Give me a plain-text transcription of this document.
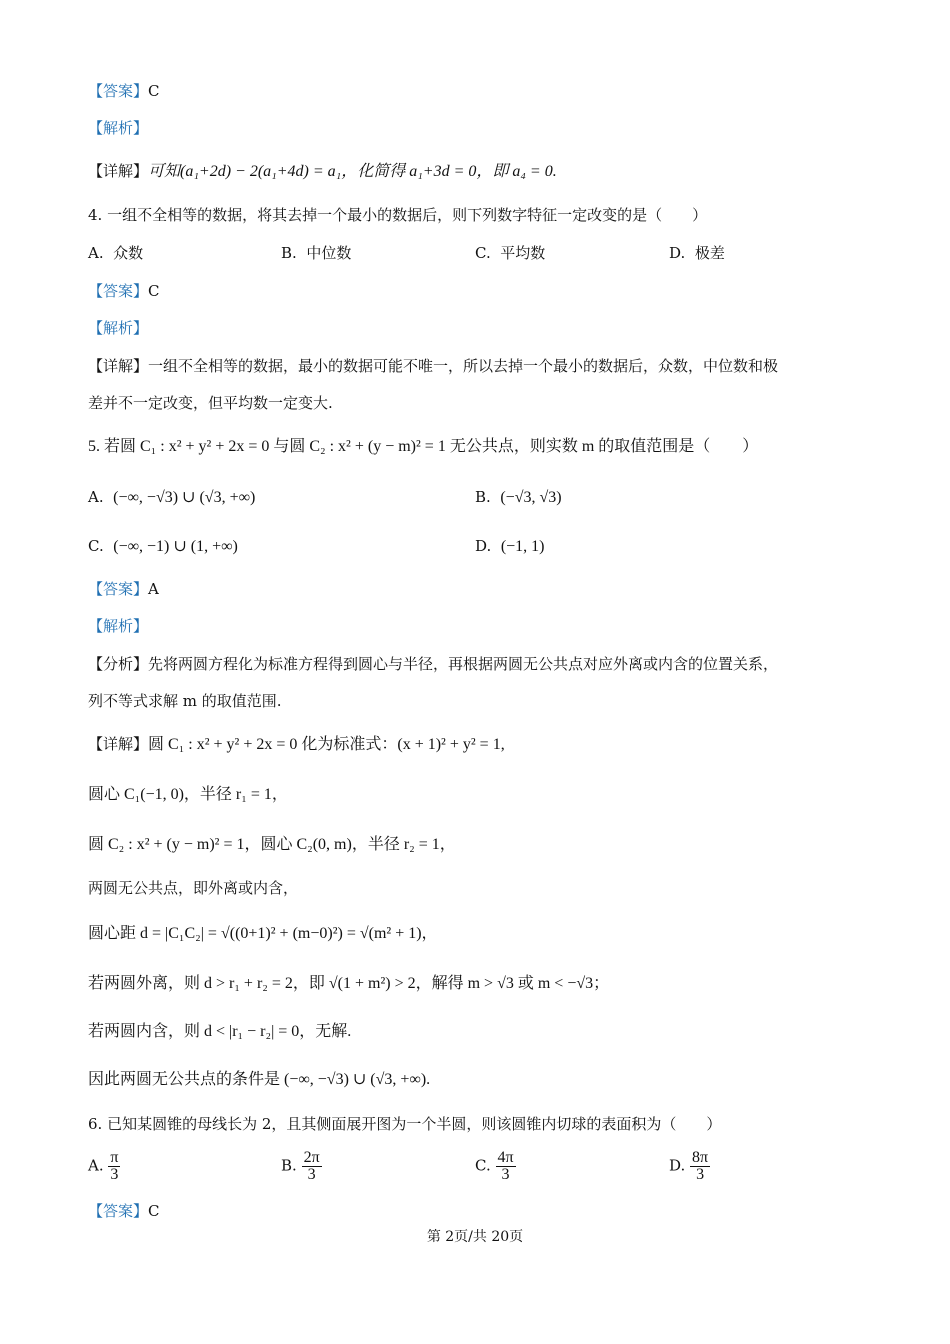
【答案】C
【解析】
【详解】可知(a₁+2d) − 2(a₁+4d) = a₁，化简得 a₁+3d = 0，即 a₄ = 0.
4. 一组不全相等的数据，将其去掉一个最小的数据后，则下列数字特征一定改变的是（　　）
A. 众数	B. 中位数	C. 平均数	D. 极差
【答案】C
【解析】
【详解】一组不全相等的数据，最小的数据可能不唯一，所以去掉一个最小的数据后，众数，中位数和极
差并不一定改变，但平均数一定变大.
5. 若圆 C₁ : x² + y² + 2x = 0 与圆 C₂ : x² + (y − m)² = 1 无公共点，则实数 m 的取值范围是（　　）
A. (−∞, −√3) ∪ (√3, +∞)	B. (−√3, √3)
C. (−∞, −1) ∪ (1, +∞)	D. (−1, 1)
【答案】A
【解析】
【分析】先将两圆方程化为标准方程得到圆心与半径，再根据两圆无公共点对应外离或内含的位置关系，
列不等式求解 m 的取值范围.
【详解】圆 C₁ : x² + y² + 2x = 0 化为标准式：(x + 1)² + y² = 1,
圆心 C₁(−1, 0)，半径 r₁ = 1，
圆 C₂ : x² + (y − m)² = 1，圆心 C₂(0, m)，半径 r₂ = 1，
两圆无公共点，即外离或内含，
圆心距 d = |C₁C₂| = √((0+1)² + (m−0)²) = √(m² + 1)，
若两圆外离，则 d > r₁ + r₂ = 2，即 √(1 + m²) > 2，解得 m > √3 或 m < −√3；
若两圆内含，则 d < |r₁ − r₂| = 0，无解.
因此两圆无公共点的条件是 (−∞, −√3) ∪ (√3, +∞).
6. 已知某圆锥的母线长为 2，且其侧面展开图为一个半圆，则该圆锥内切球的表面积为（　　）
A. $\frac{\pi}{3}$	B. $\frac{2\pi}{3}$	C. $\frac{4\pi}{3}$	D. $\frac{8\pi}{3}$
【答案】C
第 2页/共 20页
